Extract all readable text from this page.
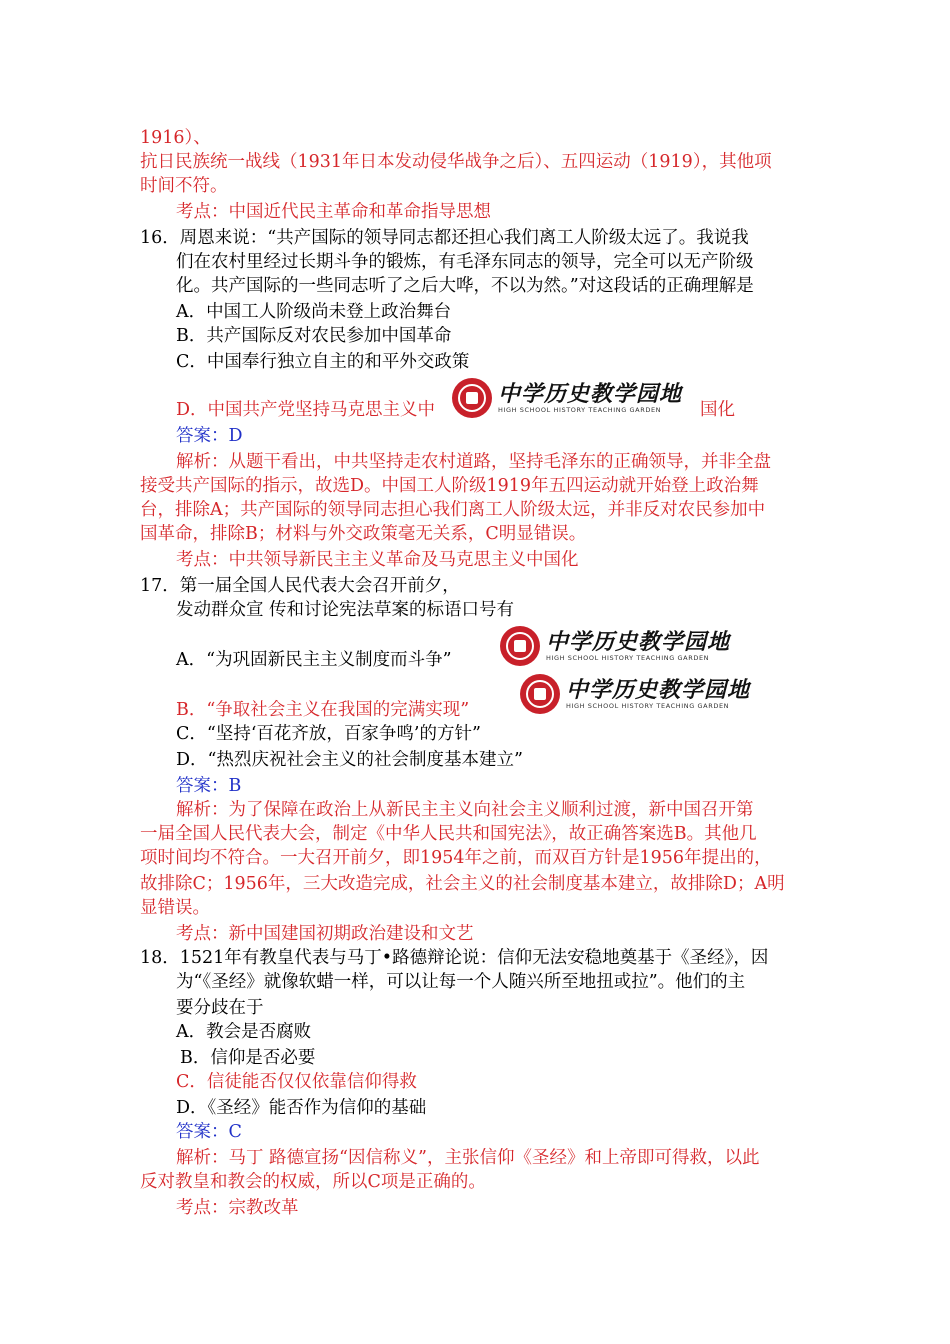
1916）、
抗日民族统一战线（1931年日本发动侵华战争之后）、五四运动（1919），其他项
时间不符。
考点：中国近代民主革命和革命指导思想
16．周恩来说：“共产国际的领导同志都还担心我们离工人阶级太远了。我说我
们在农村里经过长期斗争的锻炼，有毛泽东同志的领导，完全可以无产阶级
化。共产国际的一些同志听了之后大哗，不以为然。”对这段话的正确理解是
A．中国工人阶级尚未登上政治舞台
B．共产国际反对农民参加中国革命
C．中国奉行独立自主的和平外交政策
D．中国共产党坚持马克思主义中	国化
答案：D
解析：从题干看出，中共坚持走农村道路，坚持毛泽东的正确领导，并非全盘
接受共产国际的指示，故选D。中国工人阶级1919年五四运动就开始登上政治舞
台，排除A；共产国际的领导同志担心我们离工人阶级太远，并非反对农民参加中
国革命，排除B；材料与外交政策毫无关系，C明显错误。
考点：中共领导新民主主义革命及马克思主义中国化
17．第一届全国人民代表大会召开前夕，
发动群众宣 传和讨论宪法草案的标语口号有
A．“为巩固新民主主义制度而斗争”
B．“争取社会主义在我国的完满实现”
C．“坚持‘百花齐放，百家争鸣’的方针”
D．“热烈庆祝社会主义的社会制度基本建立”
答案：B
解析：为了保障在政治上从新民主主义向社会主义顺利过渡，新中国召开第
一届全国人民代表大会，制定《中华人民共和国宪法》，故正确答案选B。其他几
项时间均不符合。一大召开前夕，即1954年之前，而双百方针是1956年提出的，
故排除C；1956年，三大改造完成，社会主义的社会制度基本建立，故排除D；A明
显错误。
考点：新中国建国初期政治建设和文艺
18．1521年有教皇代表与马丁•路德辩论说：信仰无法安稳地奠基于《圣经》，因
为“《圣经》就像软蜡一样，可以让每一个人随兴所至地扭或拉”。他们的主
要分歧在于
A．教会是否腐败
B．信仰是否必要
C．信徒能否仅仅依靠信仰得救
D．《圣经》能否作为信仰的基础
答案：C
解析：马丁 路德宣扬“因信称义”，主张信仰《圣经》和上帝即可得救，以此
反对教皇和教会的权威，所以C项是正确的。
考点：宗教改革
中学历史教学园地
HIGH SCHOOL HISTORY TEACHING GARDEN
中学历史教学园地
HIGH SCHOOL HISTORY TEACHING GARDEN
中学历史教学园地
HIGH SCHOOL HISTORY TEACHING GARDEN
